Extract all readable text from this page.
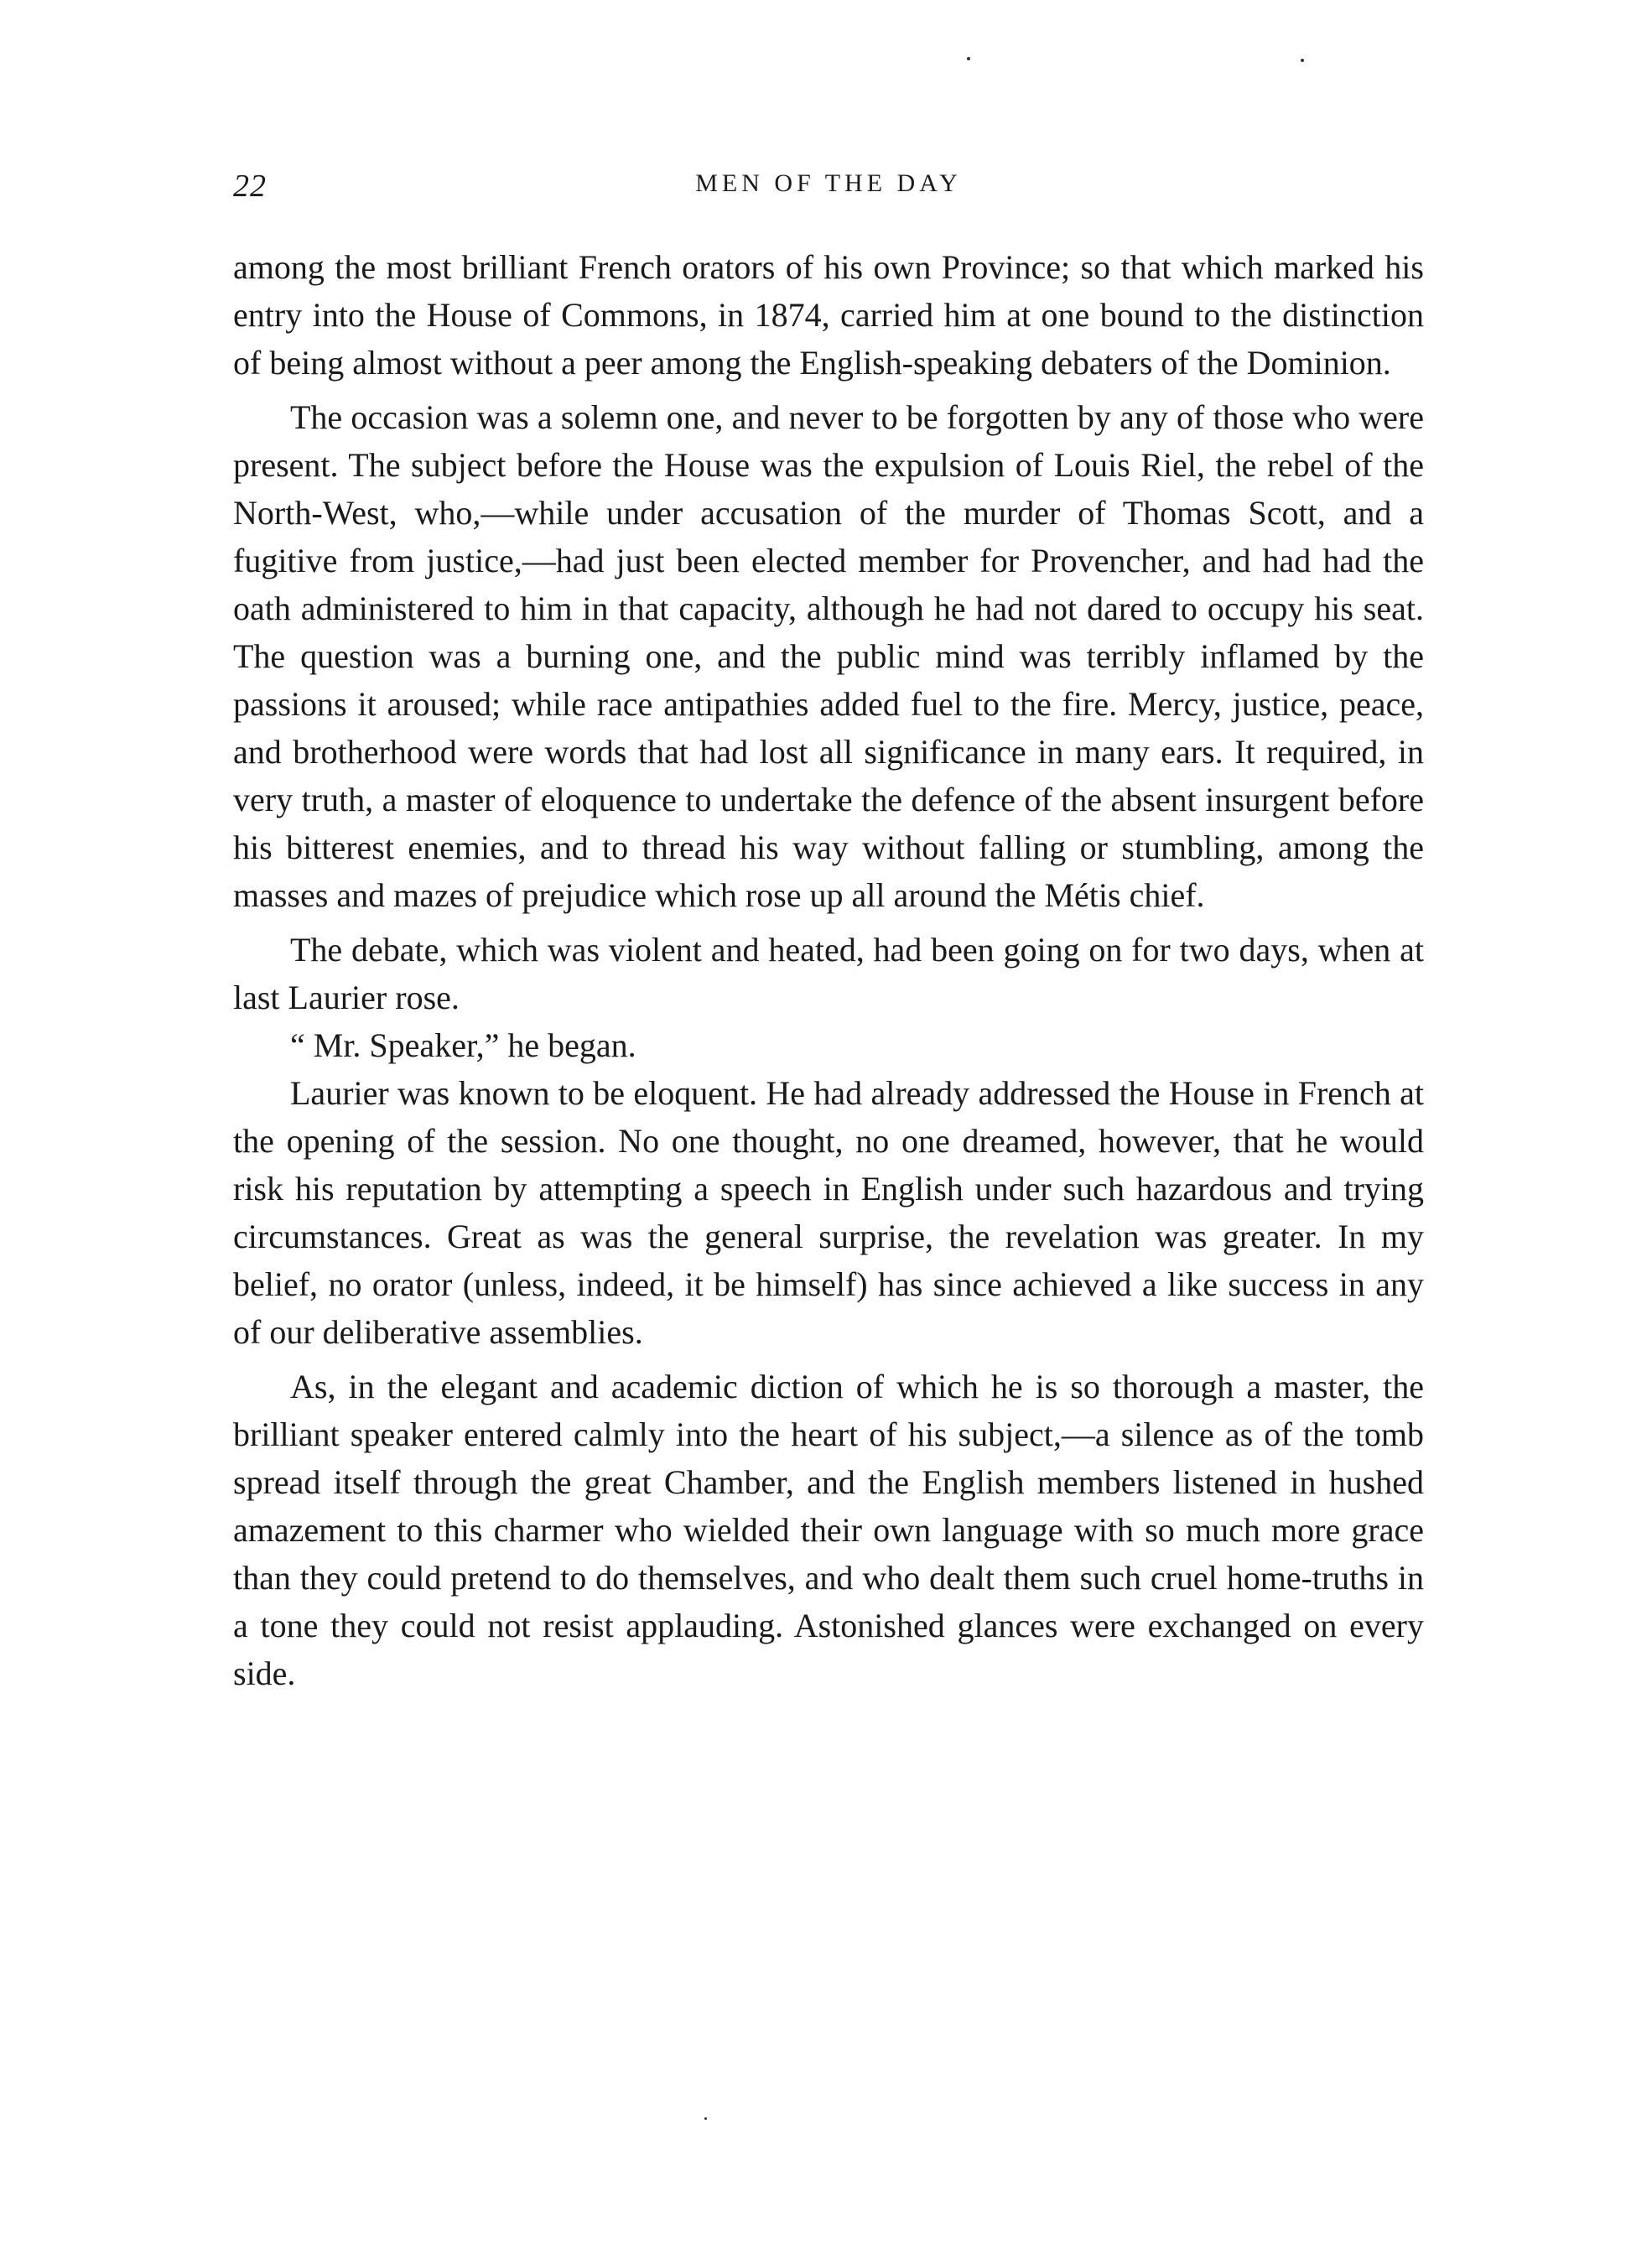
22	MEN OF THE DAY

among the most brilliant French orators of his own Province; so that which marked his entry into the House of Commons, in 1874, carried him at one bound to the distinction of being almost without a peer among the English-speaking debaters of the Dominion.

The occasion was a solemn one, and never to be forgotten by any of those who were present. The subject before the House was the expulsion of Louis Riel, the rebel of the North-West, who,—while under accusation of the murder of Thomas Scott, and a fugitive from justice,—had just been elected member for Provencher, and had had the oath administered to him in that capacity, although he had not dared to occupy his seat. The question was a burning one, and the public mind was terribly inflamed by the passions it aroused; while race antipathies added fuel to the fire. Mercy, justice, peace, and brotherhood were words that had lost all significance in many ears. It required, in very truth, a master of eloquence to undertake the defence of the absent insurgent before his bitterest enemies, and to thread his way without falling or stumbling, among the masses and mazes of prejudice which rose up all around the Métis chief.

The debate, which was violent and heated, had been going on for two days, when at last Laurier rose.

“ Mr. Speaker,” he began.

Laurier was known to be eloquent. He had already addressed the House in French at the opening of the session. No one thought, no one dreamed, however, that he would risk his reputation by attempting a speech in English under such hazardous and trying circumstances. Great as was the general surprise, the revelation was greater. In my belief, no orator (unless, indeed, it be himself) has since achieved a like success in any of our deliberative assemblies.

As, in the elegant and academic diction of which he is so thorough a master, the brilliant speaker entered calmly into the heart of his subject,—a silence as of the tomb spread itself through the great Chamber, and the English members listened in hushed amazement to this charmer who wielded their own language with so much more grace than they could pretend to do themselves, and who dealt them such cruel home-truths in a tone they could not resist applauding. Astonished glances were exchanged on every side.
